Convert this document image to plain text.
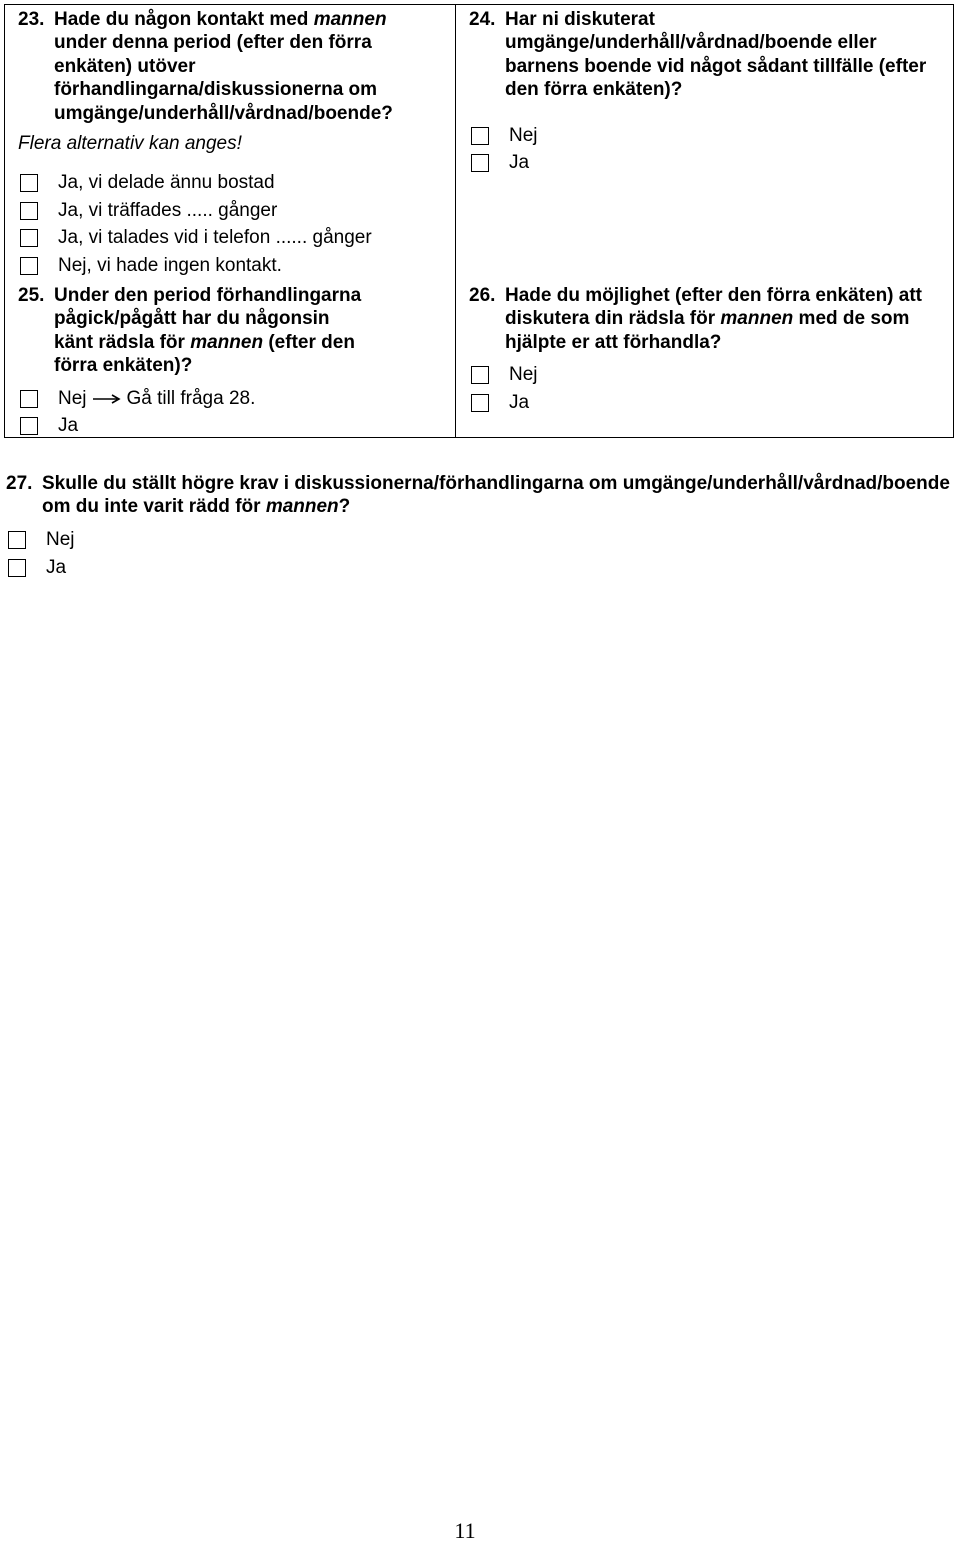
23. Hade du någon kontakt med mannen under denna period (efter den förra enkäten) utöver förhandlingarna/diskussionerna om umgänge/underhåll/vårdnad/boende?
Flera alternativ kan anges!
Ja, vi delade ännu bostad
Ja, vi träffades ..... gånger
Ja, vi talades vid i telefon ...... gånger
Nej, vi hade ingen kontakt.
25. Under den period förhandlingarna pågick/pågått har du någonsin känt rädsla för mannen (efter den förra enkäten)?
Nej Gå till fråga 28.
Ja
24. Har ni diskuterat umgänge/underhåll/vårdnad/boende eller barnens boende vid något sådant tillfälle (efter den förra enkäten)?
Nej
Ja
26. Hade du möjlighet (efter den förra enkäten) att diskutera din rädsla för mannen med de som hjälpte er att förhandla?
Nej
Ja
27. Skulle du ställt högre krav i diskussionerna/förhandlingarna om umgänge/underhåll/vårdnad/boende om du inte varit rädd för mannen?
Nej
Ja
11
